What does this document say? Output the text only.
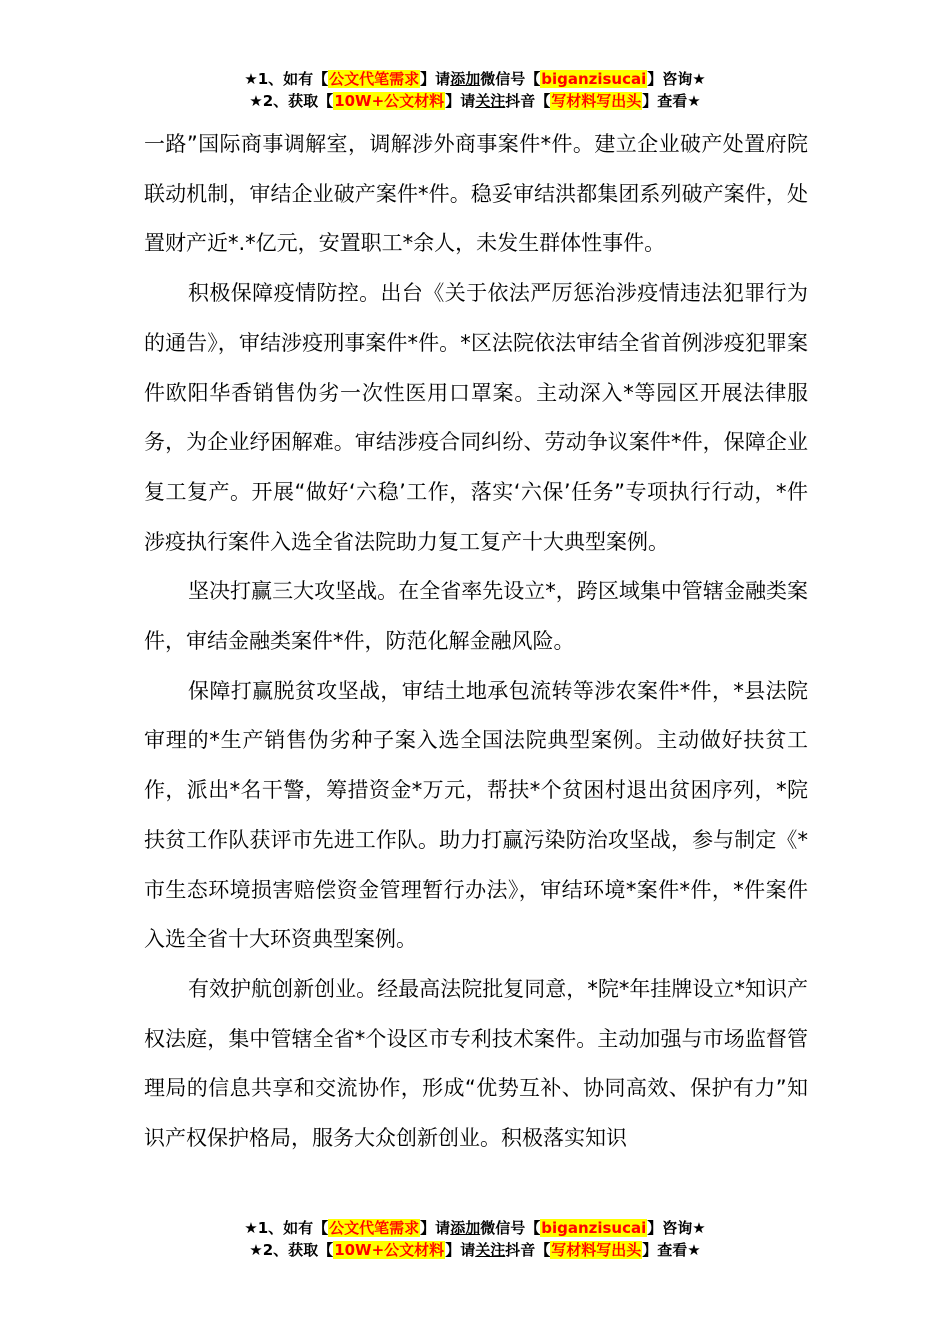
★1、如有【公文代笔需求】请添加微信号【biganzisucai】咨询★
★2、获取【10W+公文材料】请关注抖音【写材料写出头】查看★

一路”国际商事调解室，调解涉外商事案件*件。建立企业破产处置府院联动机制，审结企业破产案件*件。稳妥审结洪都集团系列破产案件，处置财产近*.*亿元，安置职工*余人，未发生群体性事件。

积极保障疫情防控。出台《关于依法严厉惩治涉疫情违法犯罪行为的通告》，审结涉疫刑事案件*件。*区法院依法审结全省首例涉疫犯罪案件欧阳华香销售伪劣一次性医用口罩案。主动深入*等园区开展法律服务，为企业纾困解难。审结涉疫合同纠纷、劳动争议案件*件，保障企业复工复产。开展“做好‘六稳’工作，落实‘六保’任务”专项执行行动，*件涉疫执行案件入选全省法院助力复工复产十大典型案例。

坚决打赢三大攻坚战。在全省率先设立*，跨区域集中管辖金融类案件，审结金融类案件*件，防范化解金融风险。

保障打赢脱贫攻坚战，审结土地承包流转等涉农案件*件，*县法院审理的*生产销售伪劣种子案入选全国法院典型案例。主动做好扶贫工作，派出*名干警，筹措资金*万元，帮扶*个贫困村退出贫困序列，*院扶贫工作队获评市先进工作队。助力打赢污染防治攻坚战，参与制定《*市生态环境损害赔偿资金管理暂行办法》，审结环境*案件*件，*件案件入选全省十大环资典型案例。

有效护航创新创业。经最高法院批复同意，*院*年挂牌设立*知识产权法庭，集中管辖全省*个设区市专利技术案件。主动加强与市场监督管理局的信息共享和交流协作，形成“优势互补、协同高效、保护有力”知识产权保护格局，服务大众创新创业。积极落实知识

★1、如有【公文代笔需求】请添加微信号【biganzisucai】咨询★
★2、获取【10W+公文材料】请关注抖音【写材料写出头】查看★
